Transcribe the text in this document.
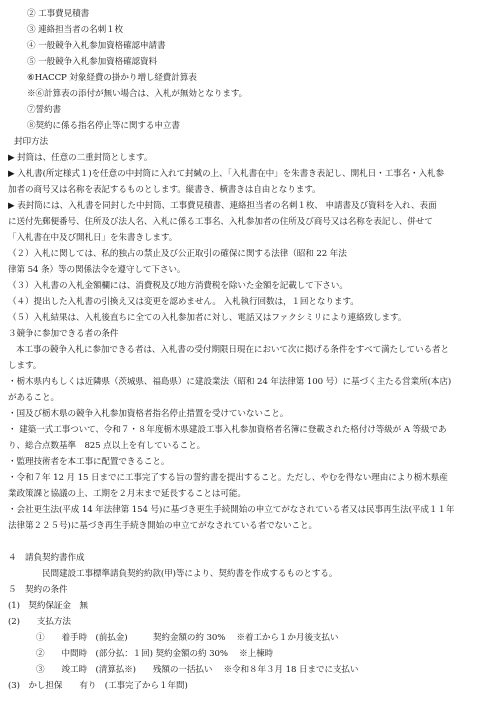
② 工事費見積書
③ 連絡担当者の名刺１枚
④ 一般競争入札参加資格確認申請書
⑤ 一般競争入札参加資格確認資料
⑥HACCP 対象経費の掛かり増し経費計算表
※⑥計算表の添付が無い場合は、入札が無効となります。
⑦誓約書
⑧契約に係る指名停止等に関する申立書
封印方法
▶ 封筒は、任意の二重封筒とします。
▶ 入札書(所定様式１)を任意の中封筒に入れて封緘の上、「入札書在中」を朱書き表記し、開札日・工事名・入札参
加者の商号又は名称を表記するものとします。縦書き、横書きは自由となります。
▶ 表封筒には、入札書を同封した中封筒、工事費見積書、連絡担当者の名刺１枚、 申請書及び資料を入れ、表面
に送付先郵便番号、住所及び法人名、入札に係る工事名、入札参加者の住所及び商号又は名称を表記し、併せて
「入札書在中及び開札日」を朱書きします。
（２）入札に関しては、私的独占の禁止及び公正取引の確保に関する法律（昭和 22 年法
律第 54 条）等の関係法令を遵守して下さい。
（３）入札書の入札金額欄には、消費税及び地方消費税を除いた金額を記載して下さい。
（４）提出した入札書の引換え又は変更を認めません。 入札執行回数は，１回となります。
（５）入札結果は、入札後直ちに全ての入札参加者に対し、電話又はファクシミリにより連絡致します。
３競争に参加できる者の条件
本工事の競争入札に参加できる者は、入札書の受付期限日現在において次に掲げる条件をすべて満たしている者と
します。
・栃木県内もしくは近隣県（茨城県、福島県）に建設業法（昭和 24 年法律第 100 号）に基づく主たる営業所(本店)
があること。
・国及び栃木県の競争入札参加資格者指名停止措置を受けていないこと。
・ 建築一式工事ついて、令和７・８年度栃木県建設工事入札参加資格者名簿に登載された格付け等級が A 等級であ
り、総合点数基準　825 点以上を有していること。
・監理技術者を本工事に配置できること。
・令和７年 12 月 15 日までに工事完了する旨の誓約書を提出すること。ただし、やむを得ない理由により栃木県産
業政策課と協議の上、工期を２月末まで延長することは可能。
・会社更生法(平成 14 年法律第 154 号)に基づき更生手続開始の申立てがなされている者又は民事再生法(平成１１年
法律第２２５号)に基づき再生手続き開始の申立てがなされている者でないこと。
４　請負契約書作成
民間建設工事標準請負契約約款(甲)等により、契約書を作成するものとする。
５　契約の条件
(1)　契約保証金　無
(2)　　支払方法
①　　着手時　(前払金)　　　契約金額の約 30%　 ※着工から１か月後支払い
②　　中間時　(部分払：１回) 契約金額の約 30%　 ※上棟時
③　　竣工時　(清算払※)　　残額の一括払い　 ※令和８年３月 18 日までに支払い
(3)　かし担保　　有り　(工事完了から１年間)
